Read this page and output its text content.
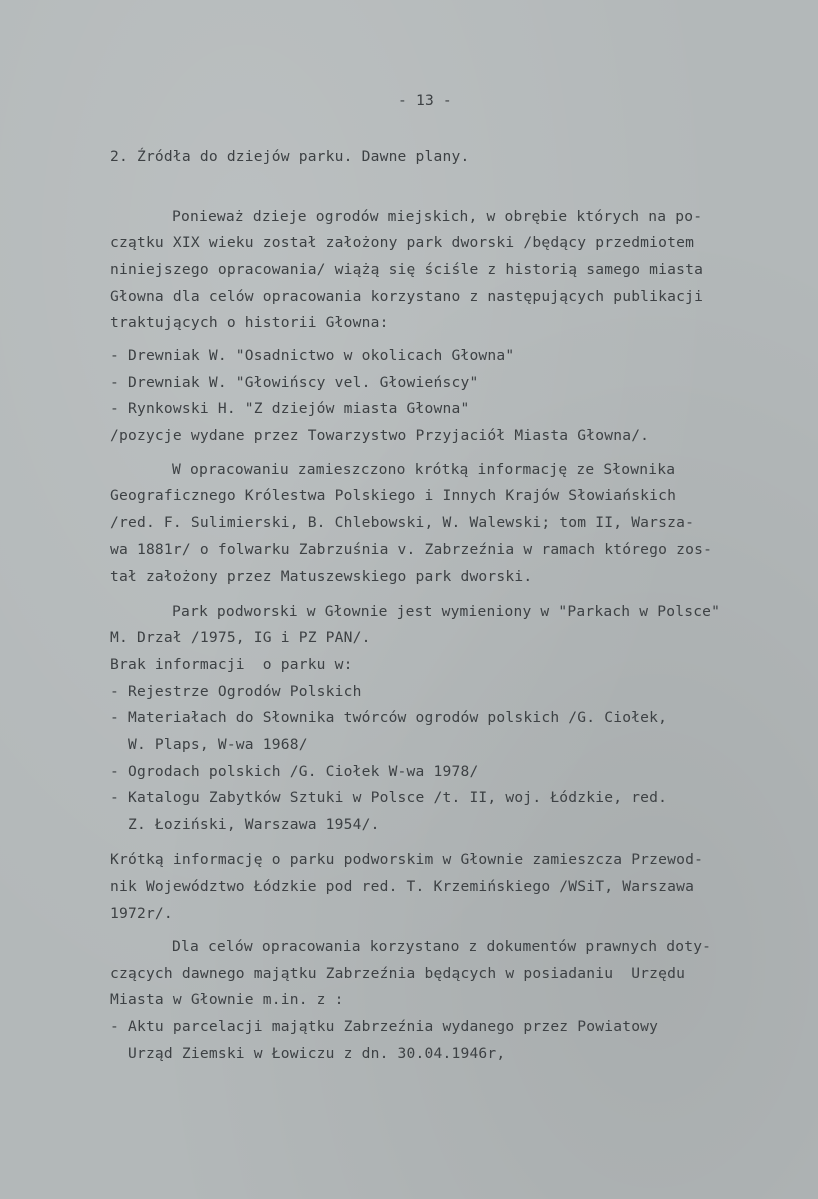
- 13 -

2. Źródła do dziejów parku. Dawne plany.

Ponieważ dzieje ogrodów miejskich, w obrębie których na po-

czątku XIX wieku został założony park dworski /będący przedmiotem

niniejszego opracowania/ wiążą się ściśle z historią samego miasta

Głowna dla celów opracowania korzystano z następujących publikacji

traktujących o historii Głowna:

- Drewniak W. "Osadnictwo w okolicach Głowna"

- Drewniak W. "Głowińscy vel. Głowieńscy"

- Rynkowski H. "Z dziejów miasta Głowna"

/pozycje wydane przez Towarzystwo Przyjaciół Miasta Głowna/.

W opracowaniu zamieszczono krótką informację ze Słownika

Geograficznego Królestwa Polskiego i Innych Krajów Słowiańskich

/red. F. Sulimierski, B. Chlebowski, W. Walewski; tom II, Warsza-

wa 1881r/ o folwarku Zabrzuśnia v. Zabrzeźnia w ramach którego zos-

tał założony przez Matuszewskiego park dworski.

Park podworski w Głownie jest wymieniony w "Parkach w Polsce"

M. Drzał /1975, IG i PZ PAN/.

Brak informacji  o parku w:

- Rejestrze Ogrodów Polskich

- Materiałach do Słownika twórców ogrodów polskich /G. Ciołek,

W. Plaps, W-wa 1968/

- Ogrodach polskich /G. Ciołek W-wa 1978/

- Katalogu Zabytków Sztuki w Polsce /t. II, woj. Łódzkie, red.

Z. Łoziński, Warszawa 1954/.

Krótką informację o parku podworskim w Głownie zamieszcza Przewod-

nik Województwo Łódzkie pod red. T. Krzemińskiego /WSiT, Warszawa

1972r/.

Dla celów opracowania korzystano z dokumentów prawnych doty-

czących dawnego majątku Zabrzeźnia będących w posiadaniu  Urzędu

Miasta w Głownie m.in. z :

- Aktu parcelacji majątku Zabrzeźnia wydanego przez Powiatowy

Urząd Ziemski w Łowiczu z dn. 30.04.1946r,
